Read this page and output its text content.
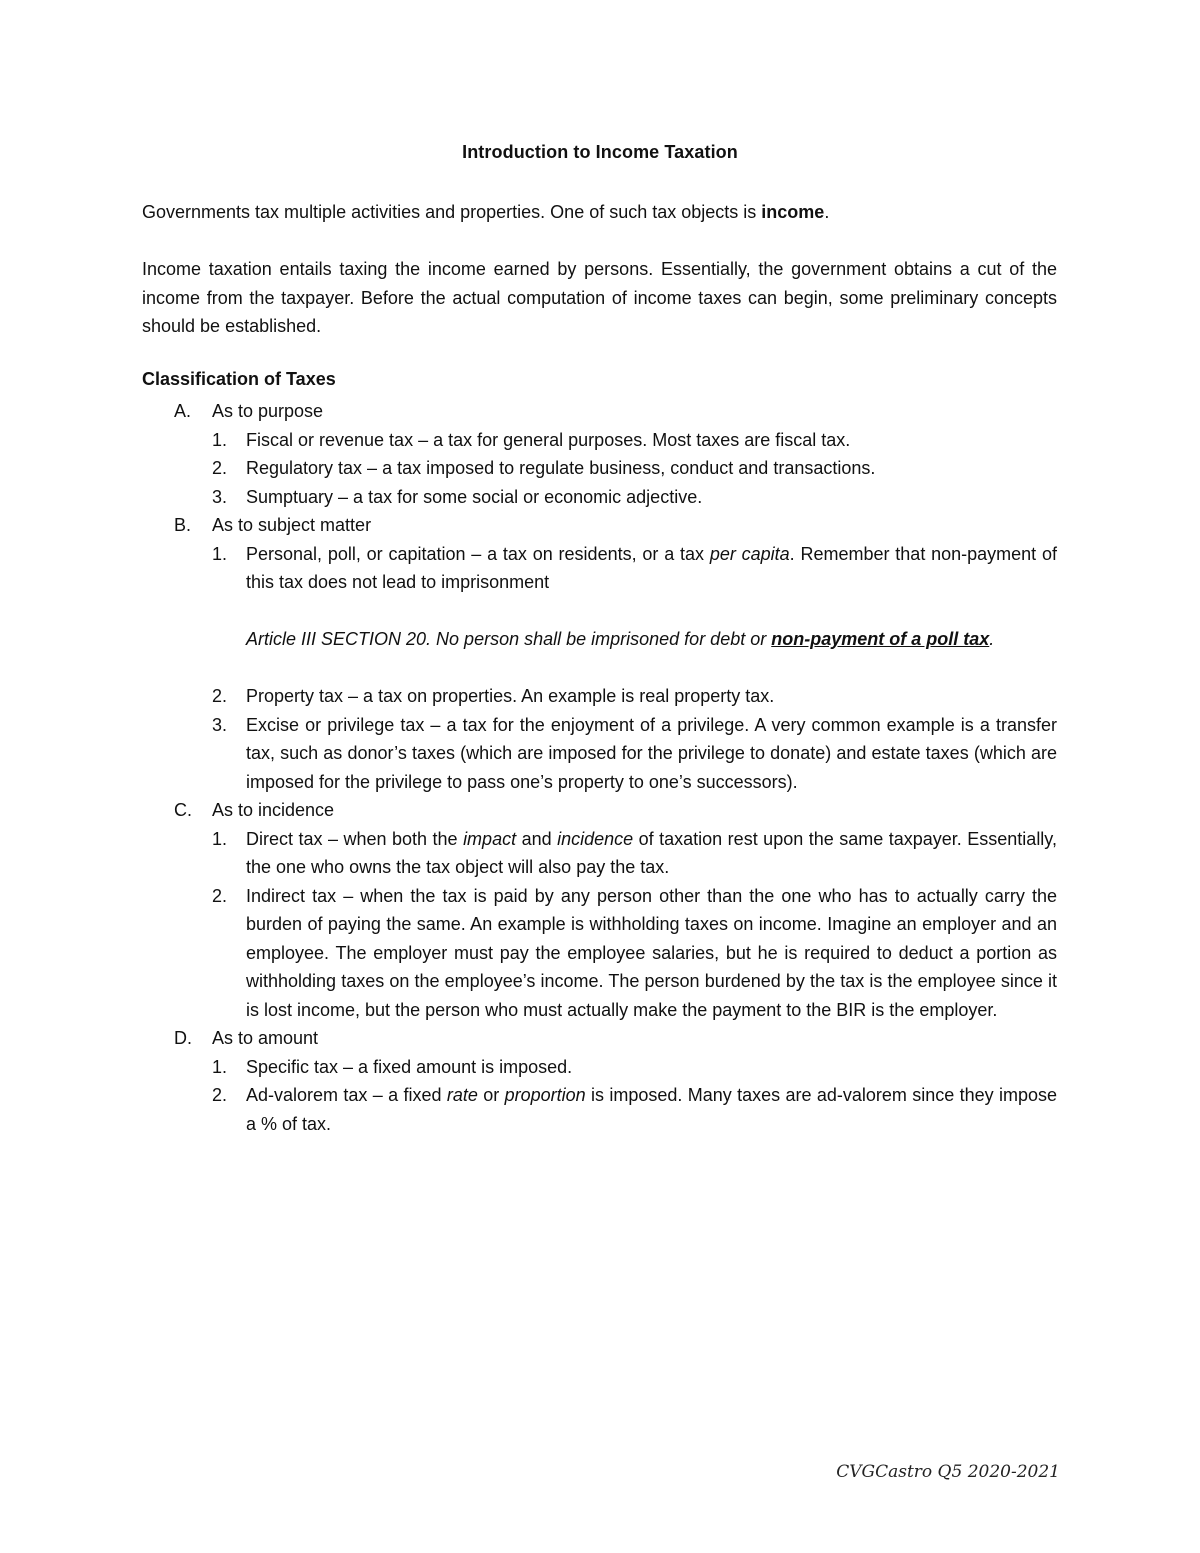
Introduction to Income Taxation
Governments tax multiple activities and properties. One of such tax objects is income.
Income taxation entails taxing the income earned by persons. Essentially, the government obtains a cut of the income from the taxpayer. Before the actual computation of income taxes can begin, some preliminary concepts should be established.
Classification of Taxes
A. As to purpose
1. Fiscal or revenue tax – a tax for general purposes. Most taxes are fiscal tax.
2. Regulatory tax – a tax imposed to regulate business, conduct and transactions.
3. Sumptuary – a tax for some social or economic adjective.
B. As to subject matter
1. Personal, poll, or capitation – a tax on residents, or a tax per capita. Remember that non-payment of this tax does not lead to imprisonment
Article III SECTION 20. No person shall be imprisoned for debt or non-payment of a poll tax.
2. Property tax – a tax on properties. An example is real property tax.
3. Excise or privilege tax – a tax for the enjoyment of a privilege. A very common example is a transfer tax, such as donor’s taxes (which are imposed for the privilege to donate) and estate taxes (which are imposed for the privilege to pass one’s property to one’s successors).
C. As to incidence
1. Direct tax – when both the impact and incidence of taxation rest upon the same taxpayer. Essentially, the one who owns the tax object will also pay the tax.
2. Indirect tax – when the tax is paid by any person other than the one who has to actually carry the burden of paying the same. An example is withholding taxes on income. Imagine an employer and an employee. The employer must pay the employee salaries, but he is required to deduct a portion as withholding taxes on the employee’s income. The person burdened by the tax is the employee since it is lost income, but the person who must actually make the payment to the BIR is the employer.
D. As to amount
1. Specific tax – a fixed amount is imposed.
2. Ad-valorem tax – a fixed rate or proportion is imposed. Many taxes are ad-valorem since they impose a % of tax.
CVGCastro Q5 2020-2021
